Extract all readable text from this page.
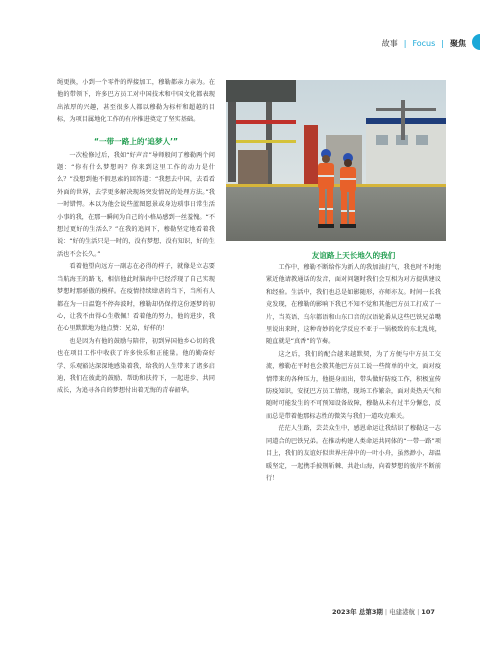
故事 | Focus | 聚焦

绳更换，小到一个零件的焊接加工，穆勒都亲力亲为。在他的带领下，许多巴方员工对中国技术和中国文化都表现出浓厚的兴趣，甚至很多人都以穆勒为标杆和超越的目标，为项目属地化工作的有序推进奠定了坚实基础。

“一带一路上的‘追梦人’”

一次检修过后，我如“好声音”导师般问了穆勒两个问题：“你有什么梦想吗？你来到这里工作的动力是什么？”没想到他不假思索的回答道：“我想去中国，去看看外面的世界，去学更多解决现场突发情况的处理方法。”我一时错愕。本以为他会说些蓝图愿景或身边琐事日常生活小事的我，在那一瞬间为自己的小格局感到一丝羞愧。“不想过更好的生活么？”在我的追问下，穆勒坚定地看着我说：“好的生活只是一时的，没有梦想、没有知识，好的生活也不会长久。”

看着他望向远方一副志在必得的样子，就像是立志要当航海王的路飞，相信他此时脑海中已经浮现了自己实现梦想时那骄傲的模样。在疫情持续肆虐的当下，当所有人都在为一日温饱不停奔波时，穆勒却仍保持这份逐梦的初心，让我不由得心生敬佩！看着他的努力，他的进步，我在心里默默地为他点赞：兄弟，好样的！

也是因为有他的鼓励与陪伴，初到异国他乡心切的我也在项目工作中收获了许多快乐和正能量。他的勤奋好学、乐观豁达深深地感染着我，给我的人生带来了诸多启迪，我们在彼此的鼓励、帮助和扶持下，一起进步、共同成长，为追寻各自的梦想付出着无悔的青春韶华。

友谊路上天长地久的我们

工作中，穆勒不断给作为新人的我加油打气，我也时不时地紧近他请教通话的发音，面对问题时我们会互相为对方提供建议和经验。生活中，我们也总是如影随形，亦师亦友。时间一长我竟发现，在穆勒的影响下我已不知不觉和其他巴方员工打成了一片，当英语、乌尔都语和山东口音的汉语轮番从这些巴铁兄弟嘴里说出来时，这种奇妙的化学反应不亚于一锅极致的东北乱炖，随直就是“真香”的节奏。

这之后，我们的配合越来越默契，为了方便与中方员工交流，穆勒在平时也会教其他巴方员工说一些简单的中文，面对疫情带来的各种压力，他挺身而出，带头做好防疫工作，积极宣传防疫知识，安抚巴方员工情绪，现场工作繁杂，面对炎热天气和随时可能发生的不可预知设备故障，穆勒从未有过半分懈怠，反而总是带着他那标志性的微笑与我们一道攻克难关。

茫茫人生路，芸芸众生中，感恩命运让我结识了穆勒这一志同道合的巴铁兄弟。在推动构建人类命运共同体的“一带一路”项目上，我们的友谊好似世界庄萍中的一叶小舟，虽然渺小，却温暖坚定，一起携手披荆斩棘、共赴山海，向着梦想的彼岸不断前行！

2023年 总第3期 | 电建港航 | 107
